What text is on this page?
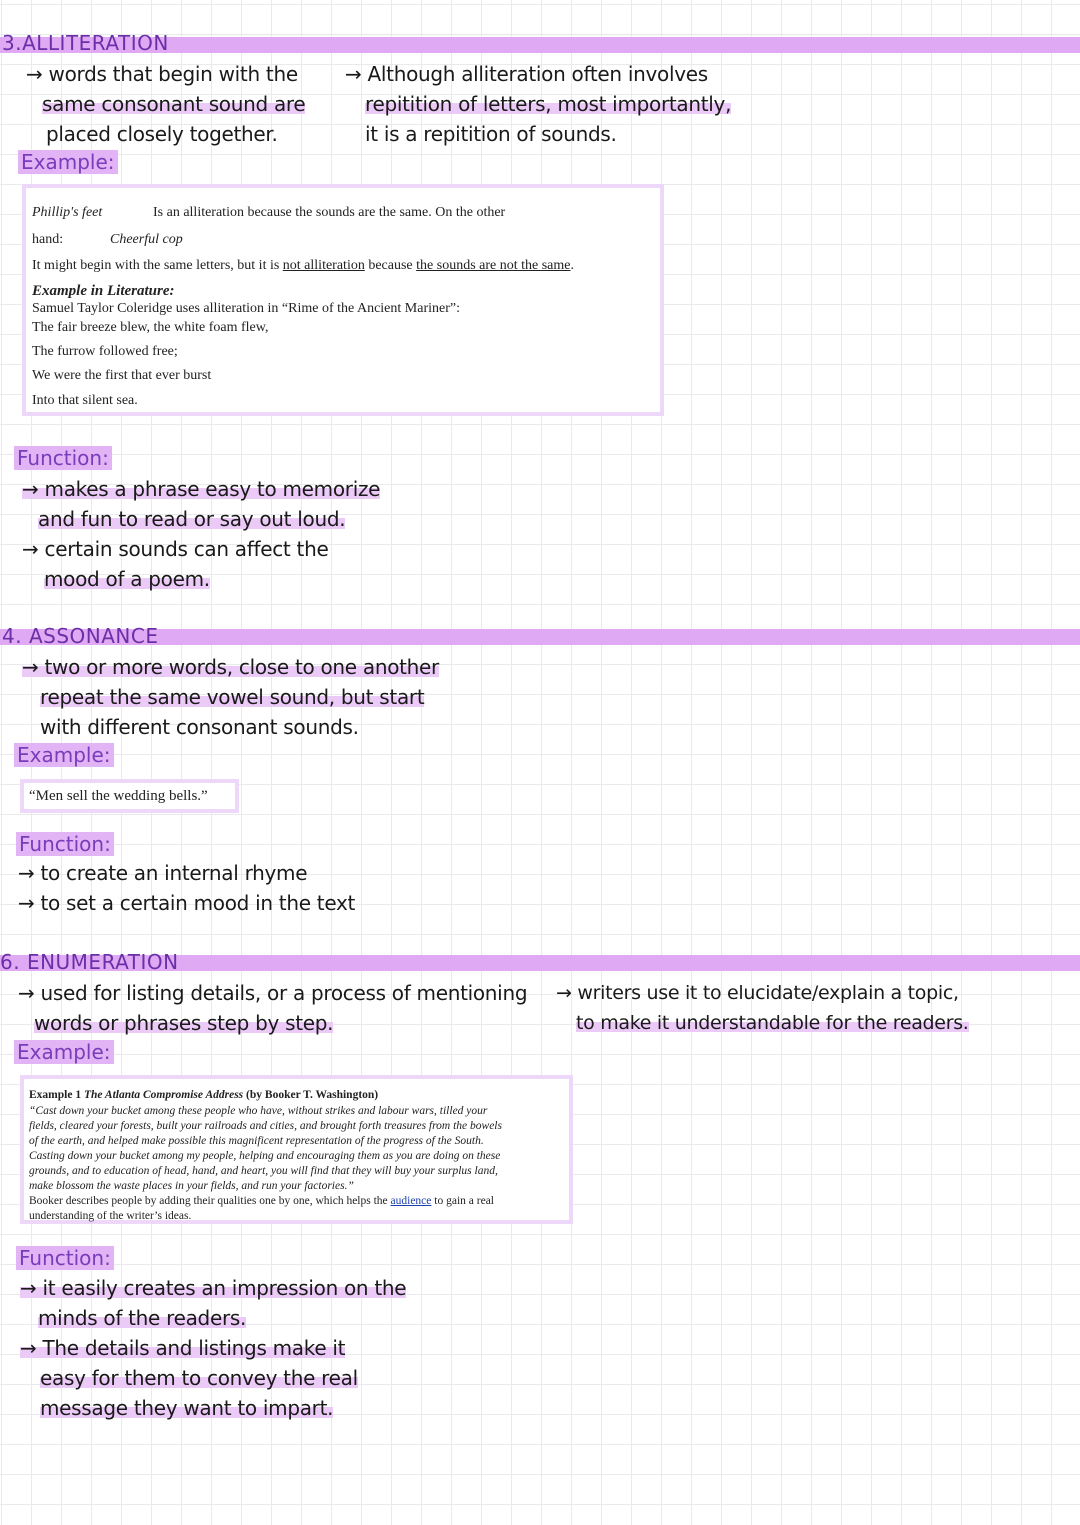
3.ALLITERATION
→ words that begin with the
same consonant sound are
placed closely together.
→ Although alliteration often involves
repitition of letters, most importantly,
it is a repitition of sounds.
Example:
Phillip's feet	Is an alliteration because the sounds are the same. On the other
hand:	Cheerful cop
It might begin with the same letters, but it is not alliteration because the sounds are not the same.
Example in Literature:
Samuel Taylor Coleridge uses alliteration in “Rime of the Ancient Mariner”:
The fair breeze blew, the white foam flew,
The furrow followed free;
We were the first that ever burst
Into that silent sea.
Function:
→ makes a phrase easy to memorize
and fun to read or say out loud.
→ certain sounds can affect the
mood of a poem.
4. ASSONANCE
→ two or more words, close to one another
repeat the same vowel sound, but start
with different consonant sounds.
Example:
“Men sell the wedding bells.”
Function:
→ to create an internal rhyme
→ to set a certain mood in the text
6. ENUMERATION
→ used for listing details, or a process of mentioning
words or phrases step by step.
→ writers use it to elucidate/explain a topic,
to make it understandable for the readers.
Example:
Example 1 The Atlanta Compromise Address (by Booker T. Washington)
“Cast down your bucket among these people who have, without strikes and labour wars, tilled your
fields, cleared your forests, built your railroads and cities, and brought forth treasures from the bowels
of the earth, and helped make possible this magnificent representation of the progress of the South.
Casting down your bucket among my people, helping and encouraging them as you are doing on these
grounds, and to education of head, hand, and heart, you will find that they will buy your surplus land,
make blossom the waste places in your fields, and run your factories.”
Booker describes people by adding their qualities one by one, which helps the audience to gain a real
understanding of the writer’s ideas.
Function:
→ it easily creates an impression on the
minds of the readers.
→ The details and listings make it
easy for them to convey the real
message they want to impart.
